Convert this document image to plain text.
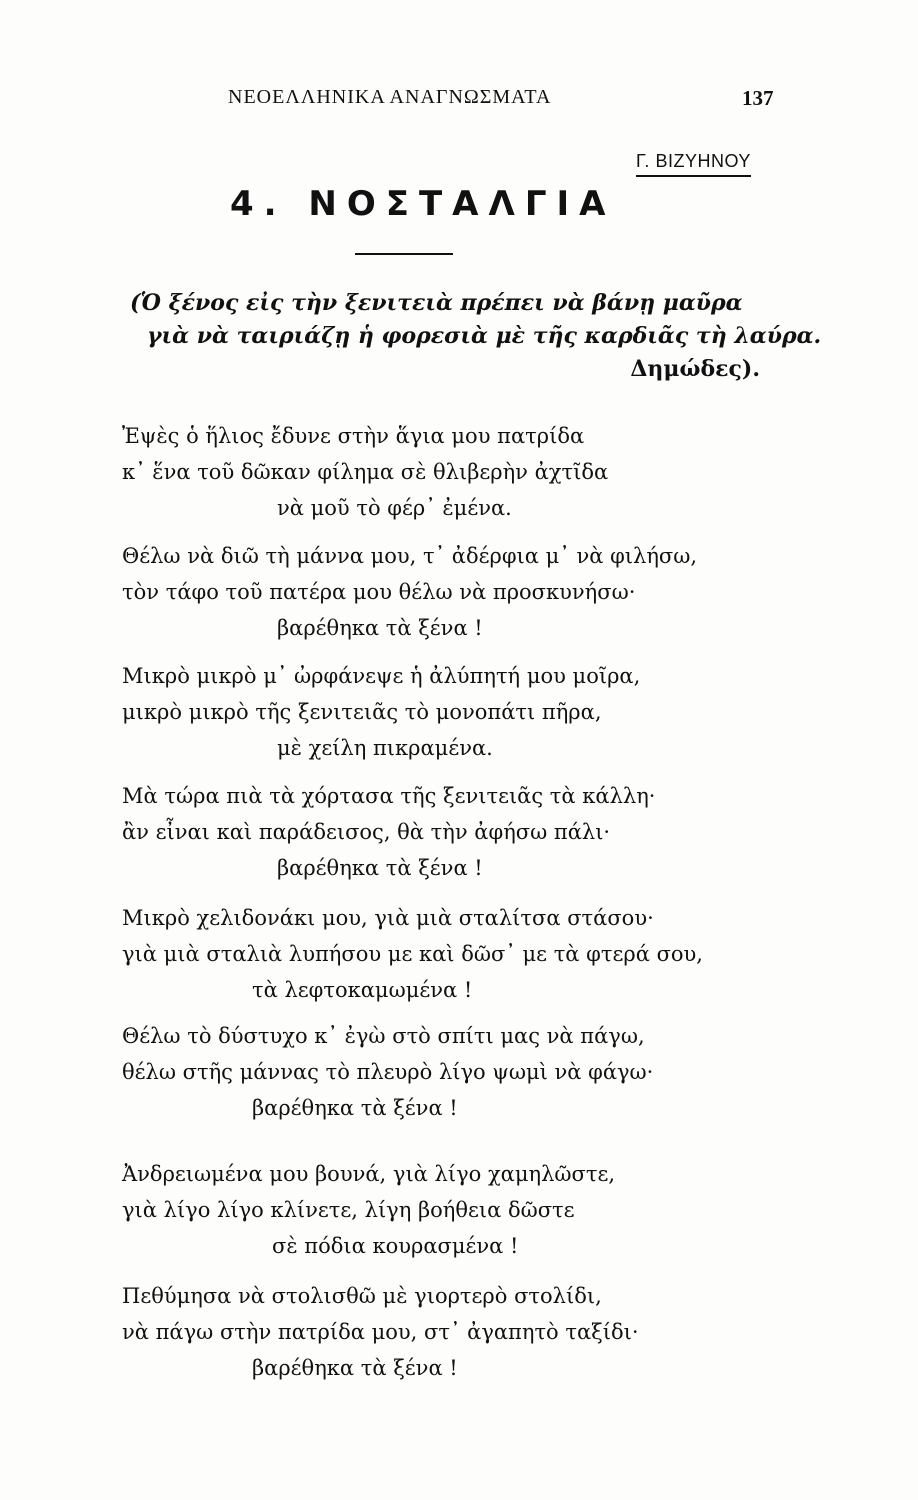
ΝΕΟΕΛΛΗΝΙΚΑ ΑΝΑΓΝΩΣΜΑΤΑ	137
Γ. ΒΙΖΥΗΝΟΥ
4. ΝΟΣΤΑΛΓΙΑ
(Ὁ ξένος εἰς τὴν ξενιτειὰ πρέπει νὰ βάνῃ μαῦρα
γιὰ νὰ ταιριάζῃ ἡ φορεσιὰ μὲ τῆς καρδιᾶς τὴ λαύρα.
Δημώδες).
Ἐψὲς ὁ ἥλιος ἔδυνε στὴν ἅγια μου πατρίδα
κ᾿ ἕνα τοῦ δῶκαν φίλημα σὲ θλιβερὴν ἀχτῖδα
νὰ μοῦ τὸ φέρ᾿ ἐμένα.
Θέλω νὰ διῶ τὴ μάννα μου, τ᾿ ἀδέρφια μ᾿ νὰ φιλήσω,
τὸν τάφο τοῦ πατέρα μου θέλω νὰ προσκυνήσω·
βαρέθηκα τὰ ξένα !
Μικρὸ μικρὸ μ᾿ ὠρφάνεψε ἡ ἀλύπητή μου μοῖρα,
μικρὸ μικρὸ τῆς ξενιτειᾶς τὸ μονοπάτι πῆρα,
μὲ χείλη πικραμένα.
Μὰ τώρα πιὰ τὰ χόρτασα τῆς ξενιτειᾶς τὰ κάλλη·
ἂν εἶναι καὶ παράδεισος, θὰ τὴν ἀφήσω πάλι·
βαρέθηκα τὰ ξένα !
Μικρὸ χελιδονάκι μου, γιὰ μιὰ σταλίτσα στάσου·
γιὰ μιὰ σταλιὰ λυπήσου με καὶ δῶσ᾿ με τὰ φτερά σου,
τὰ λεφτοκαμωμένα !
Θέλω τὸ δύστυχο κ᾿ ἐγὼ στὸ σπίτι μας νὰ πάγω,
θέλω στῆς μάννας τὸ πλευρὸ λίγο ψωμὶ νὰ φάγω·
βαρέθηκα τὰ ξένα !
Ἀνδρειωμένα μου βουνά, γιὰ λίγο χαμηλῶστε,
γιὰ λίγο λίγο κλίνετε, λίγη βοήθεια δῶστε
σὲ πόδια κουρασμένα !
Πεθύμησα νὰ στολισθῶ μὲ γιορτερὸ στολίδι,
νὰ πάγω στὴν πατρίδα μου, στ᾿ ἀγαπητὸ ταξίδι·
βαρέθηκα τὰ ξένα !
